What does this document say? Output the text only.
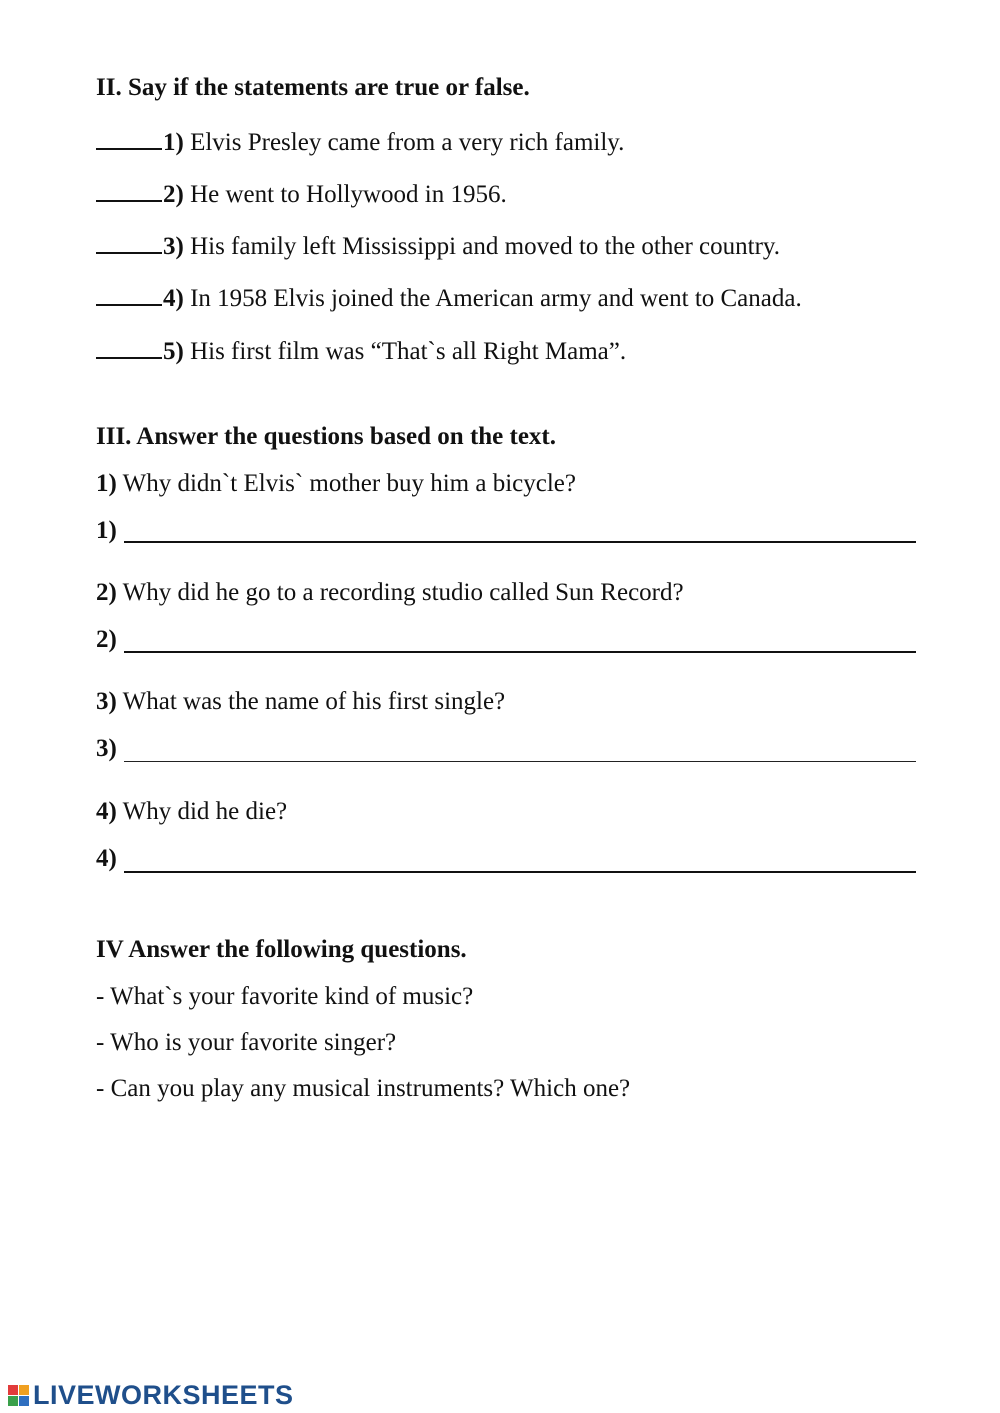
II. Say if the statements are true or false.
1) Elvis Presley came from a very rich family.
2) He went to Hollywood in 1956.
3) His family left Mississippi and moved to the other country.
4) In 1958 Elvis joined the American army and went to Canada.
5) His first film was “That`s all Right Mama”.
III. Answer the questions based on the text.
1) Why didn`t Elvis` mother buy him a bicycle?
1)
2) Why did he go to a recording studio called Sun Record?
2)
3) What was the name of his first single?
3)
4) Why did he die?
4)
IV Answer the following questions.
- What`s your favorite kind of music?
- Who is your favorite singer?
- Can you play any musical instruments? Which one?
LIVEWORKSHEETS
